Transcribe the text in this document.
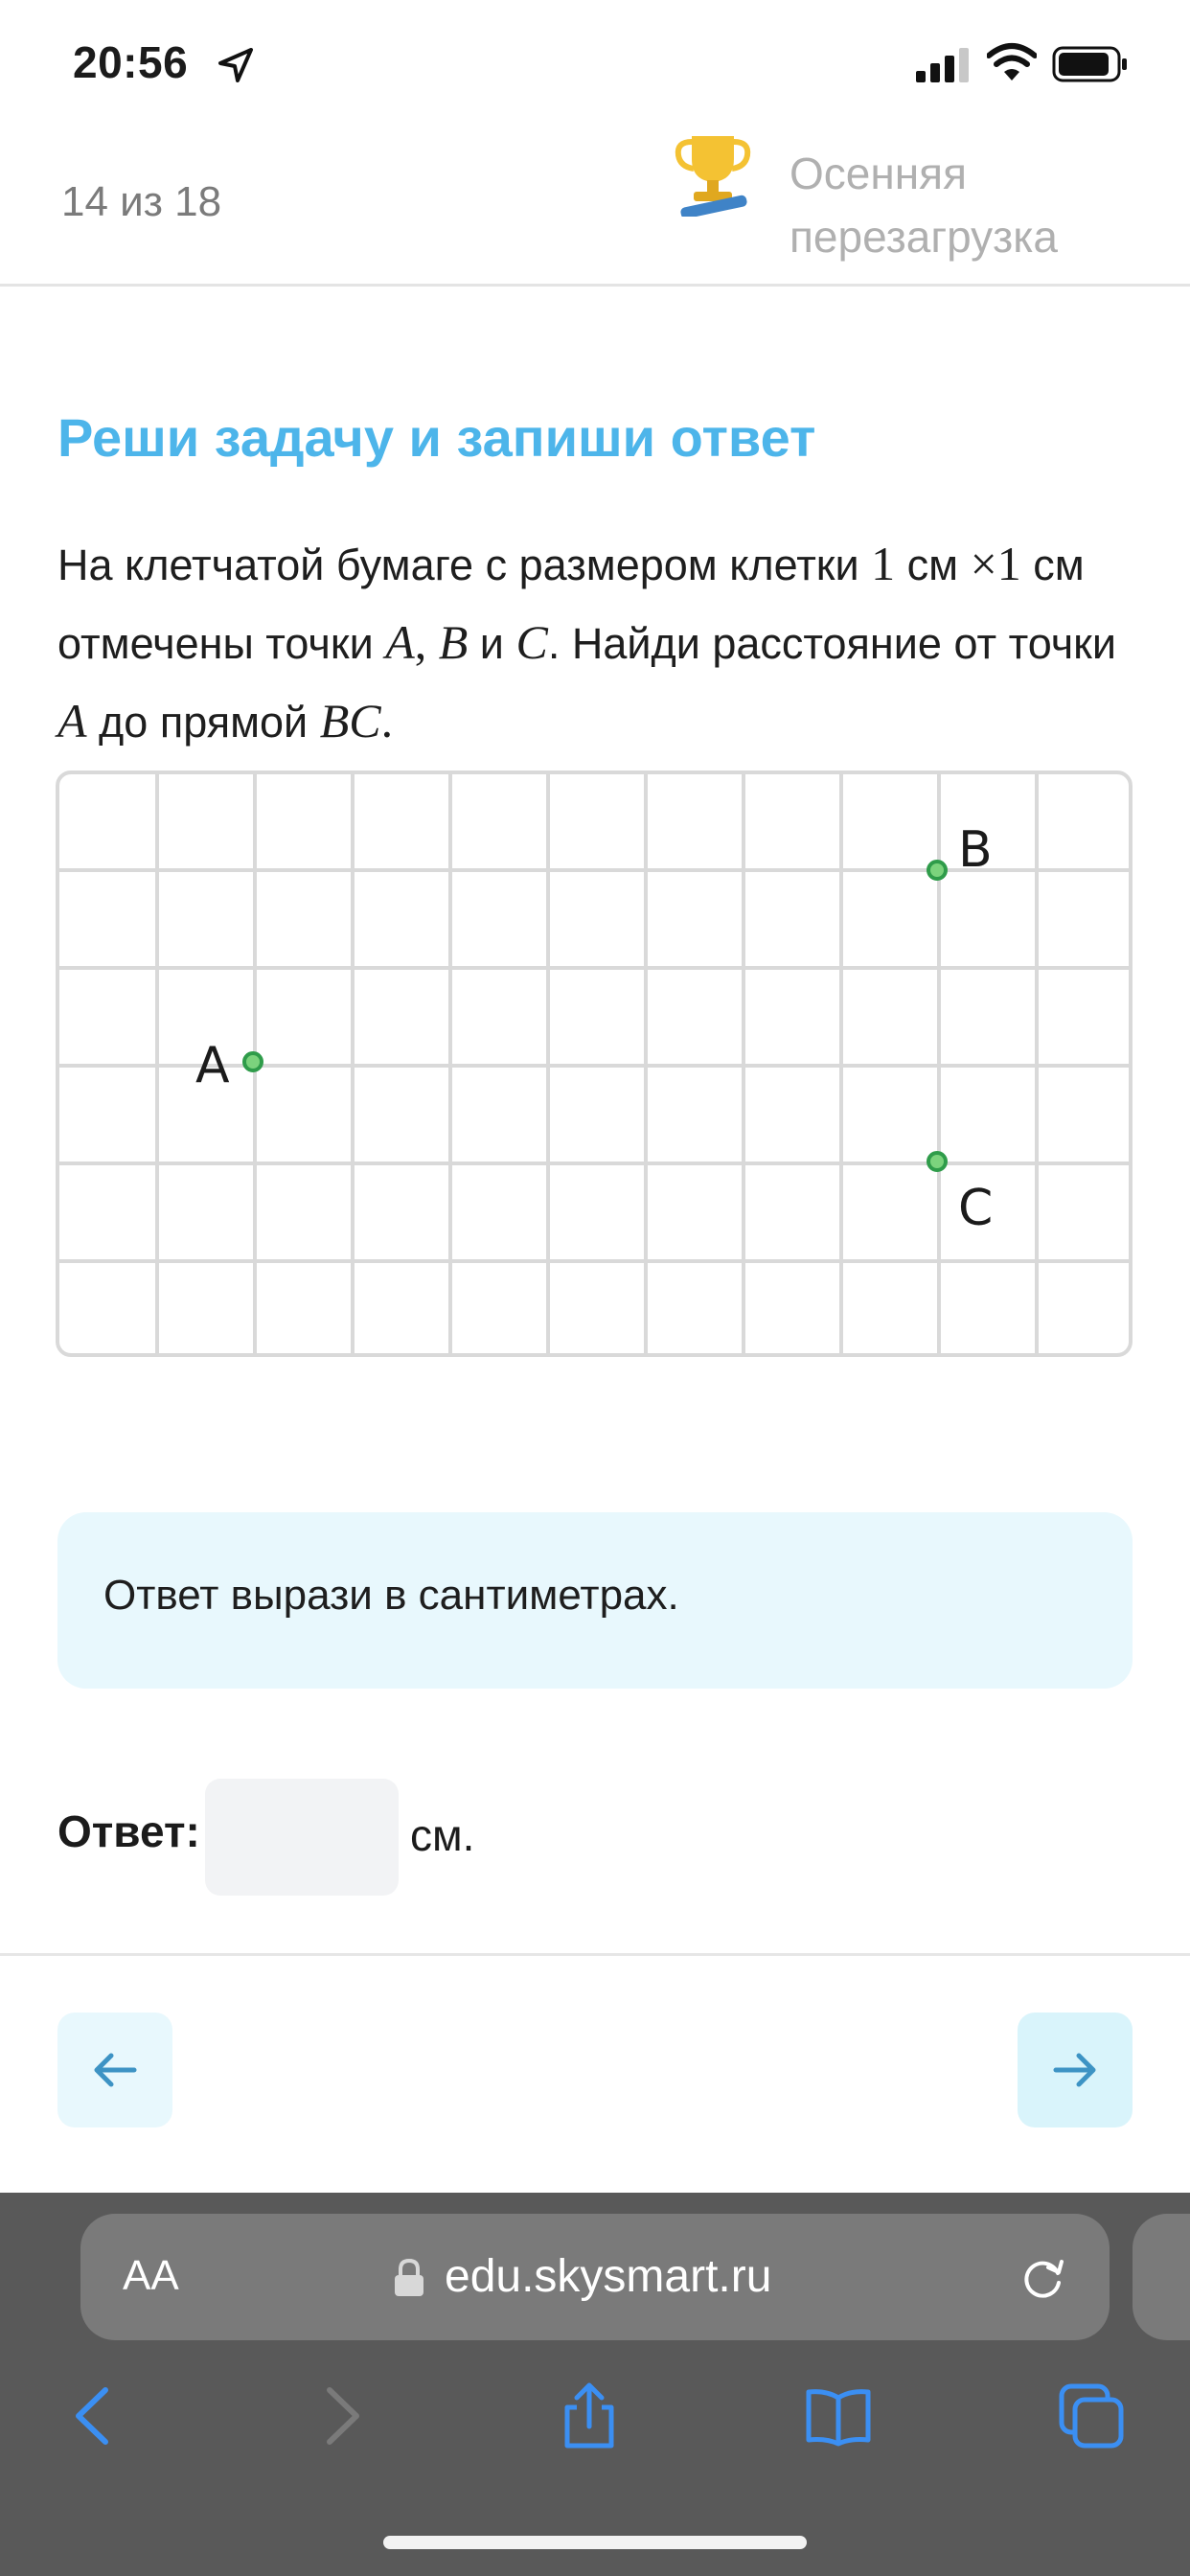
20:56
14 из 18
Осенняя перезагрузка
Реши задачу и запиши ответ
На клетчатой бумаге с размером клетки 1 см ×1 см отмечены точки A, B и C. Найди расстояние от точки A до прямой BC.
A
B
C
Ответ вырази в сантиметрах.
Ответ:	см.
AA	edu.skysmart.ru
